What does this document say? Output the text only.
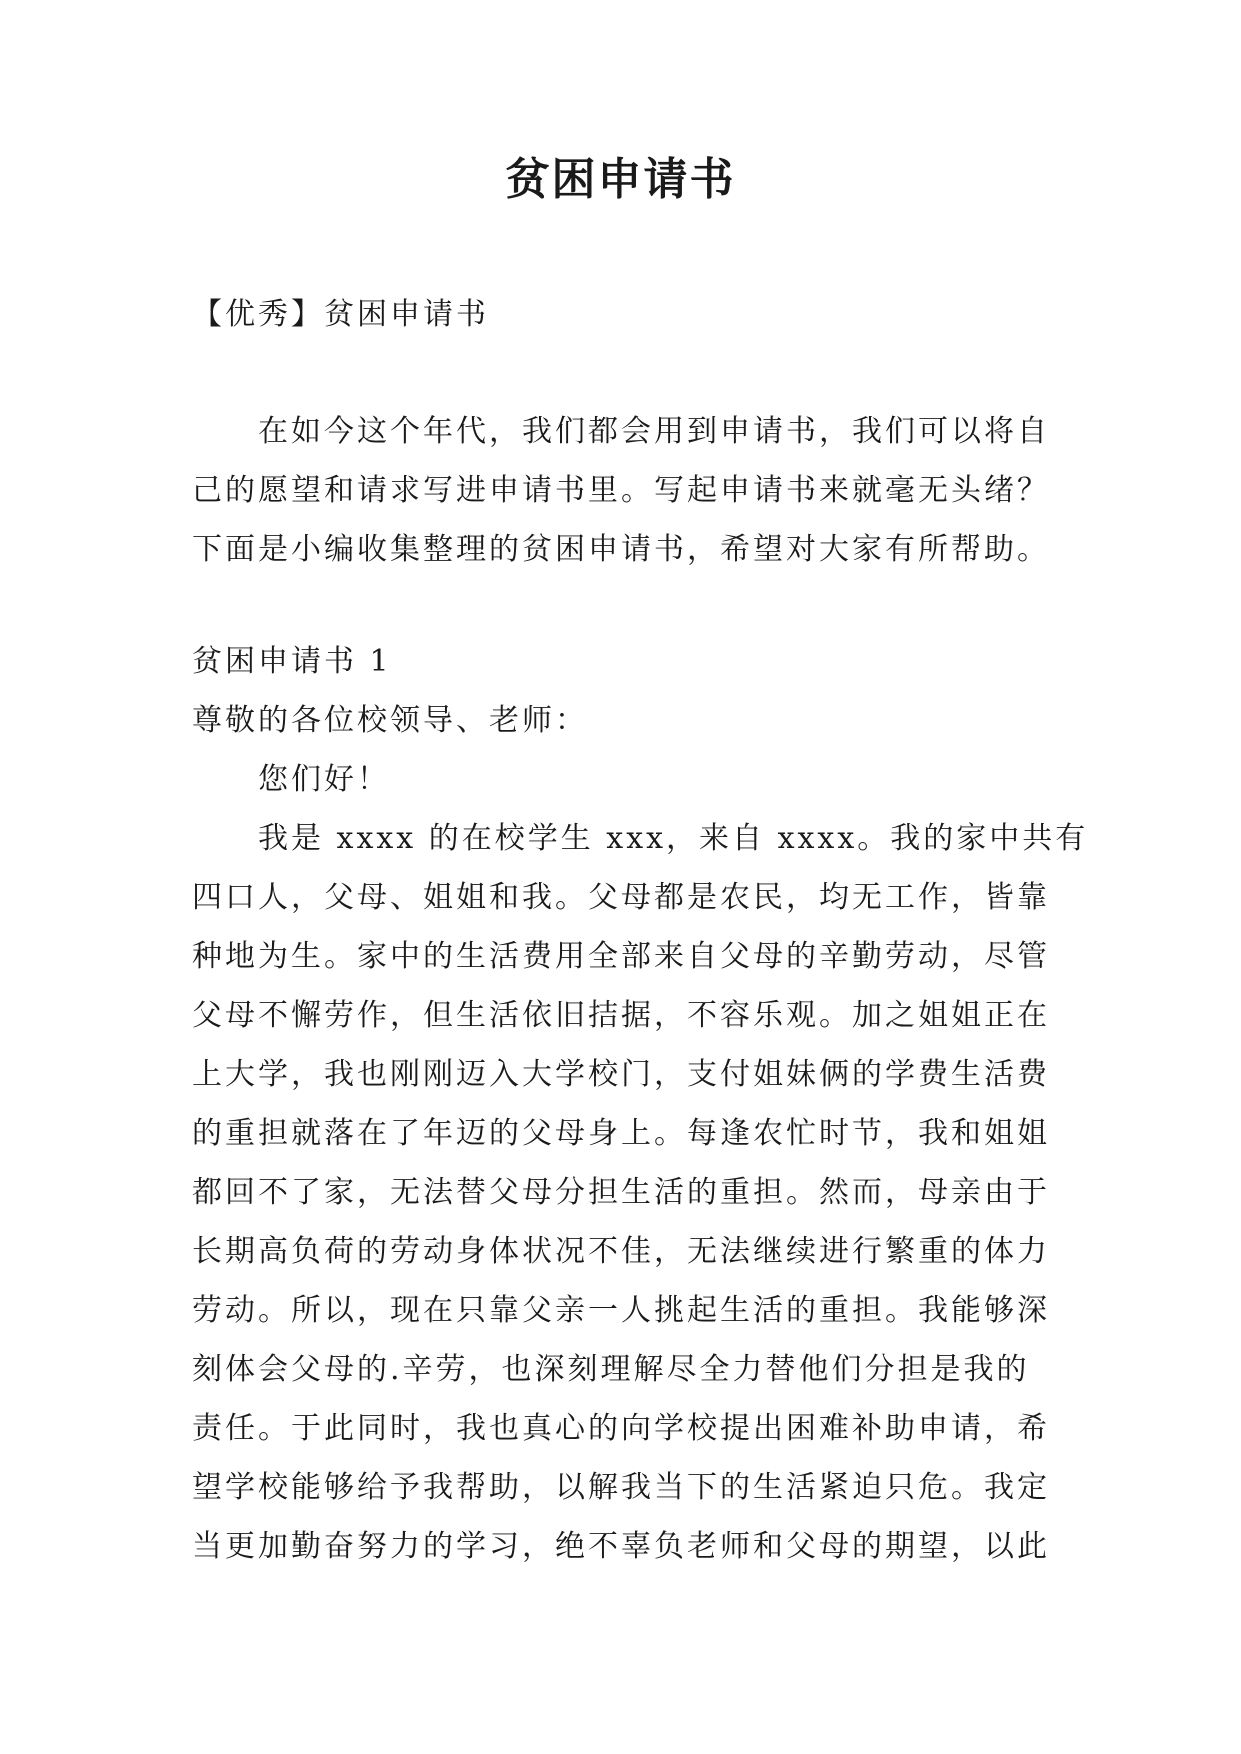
贫困申请书
【优秀】贫困申请书
在如今这个年代，我们都会用到申请书，我们可以将自
己的愿望和请求写进申请书里。写起申请书来就毫无头绪？
下面是小编收集整理的贫困申请书，希望对大家有所帮助。
贫困申请书 1
尊敬的各位校领导、老师：
您们好！
我是 xxxx 的在校学生 xxx，来自 xxxx。我的家中共有
四口人，父母、姐姐和我。父母都是农民，均无工作，皆靠
种地为生。家中的生活费用全部来自父母的辛勤劳动，尽管
父母不懈劳作，但生活依旧拮据，不容乐观。加之姐姐正在
上大学，我也刚刚迈入大学校门，支付姐妹俩的学费生活费
的重担就落在了年迈的父母身上。每逢农忙时节，我和姐姐
都回不了家，无法替父母分担生活的重担。然而，母亲由于
长期高负荷的劳动身体状况不佳，无法继续进行繁重的体力
劳动。所以，现在只靠父亲一人挑起生活的重担。我能够深
刻体会父母的.辛劳，也深刻理解尽全力替他们分担是我的
责任。于此同时，我也真心的向学校提出困难补助申请，希
望学校能够给予我帮助，以解我当下的生活紧迫只危。我定
当更加勤奋努力的学习，绝不辜负老师和父母的期望，以此
